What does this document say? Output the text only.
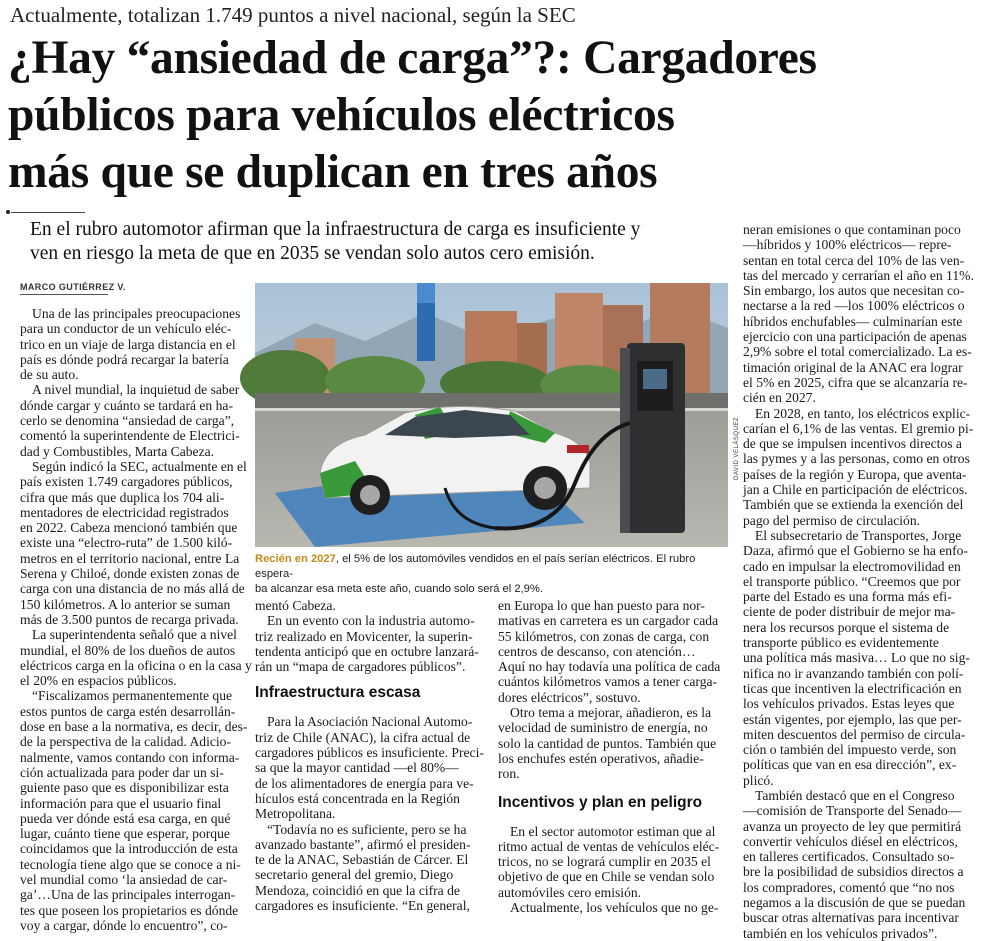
Actualmente, totalizan 1.749 puntos a nivel nacional, según la SEC
¿Hay “ansiedad de carga”?: Cargadores
públicos para vehículos eléctricos
más que se duplican en tres años
En el rubro automotor afirman que la infraestructura de carga es insuficiente y
ven en riesgo la meta de que en 2035 se vendan solo autos cero emisión.
MARCO GUTIÉRREZ V.
Una de las principales preocupaciones
para un conductor de un vehículo eléc-
trico en un viaje de larga distancia en el
país es dónde podrá recargar la batería
de su auto.
A nivel mundial, la inquietud de saber
dónde cargar y cuánto se tardará en ha-
cerlo se denomina “ansiedad de carga”,
comentó la superintendente de Electrici-
dad y Combustibles, Marta Cabeza.
Según indicó la SEC, actualmente en el
país existen 1.749 cargadores públicos,
cifra que más que duplica los 704 ali-
mentadores de electricidad registrados
en 2022. Cabeza mencionó también que
existe una “electro-ruta” de 1.500 kiló-
metros en el territorio nacional, entre La
Serena y Chiloé, donde existen zonas de
carga con una distancia de no más allá de
150 kilómetros. A lo anterior se suman
más de 3.500 puntos de recarga privada.
La superintendenta señaló que a nivel
mundial, el 80% de los dueños de autos
eléctricos carga en la oficina o en la casa y
el 20% en espacios públicos.
“Fiscalizamos permanentemente que
estos puntos de carga estén desarrollán-
dose en base a la normativa, es decir, des-
de la perspectiva de la calidad. Adicio-
nalmente, vamos contando con informa-
ción actualizada para poder dar un si-
guiente paso que es disponibilizar esta
información para que el usuario final
pueda ver dónde está esa carga, en qué
lugar, cuánto tiene que esperar, porque
coincidamos que la introducción de esta
tecnología tiene algo que se conoce a ni-
vel mundial como ‘la ansiedad de car-
ga’…Una de las principales interrogan-
tes que poseen los propietarios es dónde
voy a cargar, dónde lo encuentro”, co-
DAVID VELÁSQUEZ
Recién en 2027, el 5% de los automóviles vendidos en el país serían eléctricos. El rubro espera-
ba alcanzar esa meta este año, cuando solo será el 2,9%.
mentó Cabeza.
En un evento con la industria automo-
triz realizado en Movicenter, la superin-
tendenta anticipó que en octubre lanzará-
rán un “mapa de cargadores públicos”.
Infraestructura escasa
Para la Asociación Nacional Automo-
triz de Chile (ANAC), la cifra actual de
cargadores públicos es insuficiente. Preci-
sa que la mayor cantidad —el 80%—
de los alimentadores de energía para ve-
hículos está concentrada en la Región
Metropolitana.
“Todavía no es suficiente, pero se ha
avanzado bastante”, afirmó el presiden-
te de la ANAC, Sebastián de Cárcer. El
secretario general del gremio, Diego
Mendoza, coincidió en que la cifra de
cargadores es insuficiente. “En general,
en Europa lo que han puesto para nor-
mativas en carretera es un cargador cada
55 kilómetros, con zonas de carga, con
centros de descanso, con atención…
Aquí no hay todavía una política de cada
cuántos kilómetros vamos a tener carga-
dores eléctricos”, sostuvo.
Otro tema a mejorar, añadieron, es la
velocidad de suministro de energía, no
solo la cantidad de puntos. También que
los enchufes estén operativos, añadie-
ron.
Incentivos y plan en peligro
En el sector automotor estiman que al
ritmo actual de ventas de vehículos eléc-
tricos, no se logrará cumplir en 2035 el
objetivo de que en Chile se vendan solo
automóviles cero emisión.
Actualmente, los vehículos que no ge-
neran emisiones o que contaminan poco
—híbridos y 100% eléctricos— repre-
sentan en total cerca del 10% de las ven-
tas del mercado y cerrarían el año en 11%.
Sin embargo, los autos que necesitan co-
nectarse a la red —los 100% eléctricos o
híbridos enchufables— culminarían este
ejercicio con una participación de apenas
2,9% sobre el total comercializado. La es-
timación original de la ANAC era lograr
el 5% en 2025, cifra que se alcanzaría re-
cién en 2027.
En 2028, en tanto, los eléctricos explic-
carían el 6,1% de las ventas. El gremio pi-
de que se impulsen incentivos directos a
las pymes y a las personas, como en otros
países de la región y Europa, que aventa-
jan a Chile en participación de eléctricos.
También que se extienda la exención del
pago del permiso de circulación.
El subsecretario de Transportes, Jorge
Daza, afirmó que el Gobierno se ha enfo-
cado en impulsar la electromovilidad en
el transporte público. “Creemos que por
parte del Estado es una forma más efi-
ciente de poder distribuir de mejor ma-
nera los recursos porque el sistema de
transporte público es evidentemente
una política más masiva… Lo que no sig-
nifica no ir avanzando también con polí-
ticas que incentiven la electrificación en
los vehículos privados. Estas leyes que
están vigentes, por ejemplo, las que per-
miten descuentos del permiso de circula-
ción o también del impuesto verde, son
políticas que van en esa dirección”, ex-
plicó.
También destacó que en el Congreso
—comisión de Transporte del Senado—
avanza un proyecto de ley que permitirá
convertir vehículos diésel en eléctricos,
en talleres certificados. Consultado so-
bre la posibilidad de subsidios directos a
los compradores, comentó que “no nos
negamos a la discusión de que se puedan
buscar otras alternativas para incentivar
también en los vehículos privados”.
